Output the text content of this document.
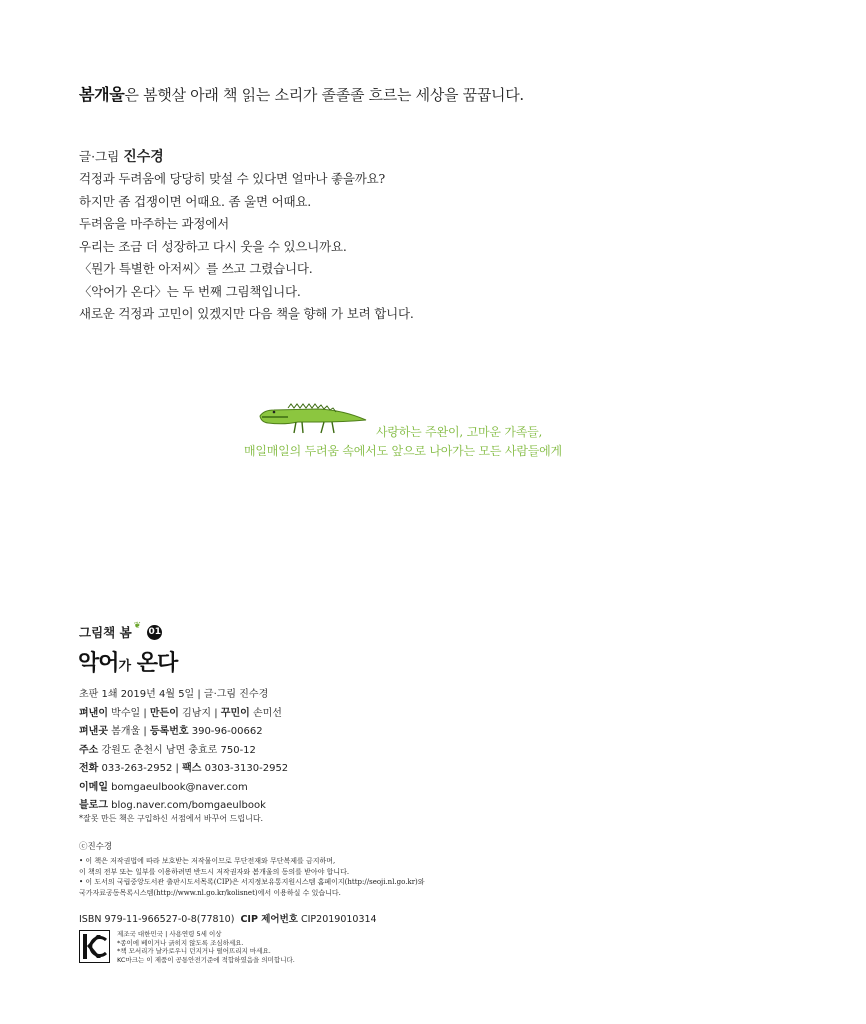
봄개울은 봄햇살 아래 책 읽는 소리가 졸졸졸 흐르는 세상을 꿈꿉니다.
글·그림 진수경
걱정과 두려움에 당당히 맞설 수 있다면 얼마나 좋을까요?
하지만 좀 겁쟁이면 어때요. 좀 울면 어때요.
두려움을 마주하는 과정에서
우리는 조금 더 성장하고 다시 웃을 수 있으니까요.
〈뭔가 특별한 아저씨〉를 쓰고 그렸습니다.
〈악어가 온다〉는 두 번째 그림책입니다.
새로운 걱정과 고민이 있겠지만 다음 책을 향해 가 보려 합니다.
사랑하는 주완이, 고마운 가족들,
매일매일의 두려움 속에서도 앞으로 나아가는 모든 사람들에게
그림책 봄 ❦
01
악어가 온다
초판 1쇄 2019년 4월 5일 | 글·그림 진수경
펴낸이 박수일 | 만든이 김남지 | 꾸민이 손미선
펴낸곳 봄개울 | 등록번호 390-96-00662
주소 강원도 춘천시 남면 충효로 750-12
전화 033-263-2952 | 팩스 0303-3130-2952
이메일 bomgaeulbook@naver.com
블로그 blog.naver.com/bomgaeulbook
*잘못 만든 책은 구입하신 서점에서 바꾸어 드립니다.
ⓒ진수경
• 이 책은 저작권법에 따라 보호받는 저작물이므로 무단전재와 무단복제를 금지하며,
이 책의 전부 또는 일부를 이용하려면 반드시 저작권자와 봄개울의 동의를 받아야 합니다.
• 이 도서의 국립중앙도서관 출판시도서목록(CIP)은 서지정보유통지원시스템 홈페이지(http://seoji.nl.go.kr)와
국가자료공동목록시스템(http://www.nl.go.kr/kolisnet)에서 이용하실 수 있습니다.
ISBN 979-11-966527-0-8(77810) CIP 제어번호 CIP2019010314
제조국 대한민국 | 사용연령 5세 이상
*종이에 베이거나 긁히지 않도록 조심하세요.
*책 모서리가 날카로우니 던지거나 떨어뜨리지 마세요.
KC마크는 이 제품이 공통안전기준에 적합하였음을 의미합니다.
